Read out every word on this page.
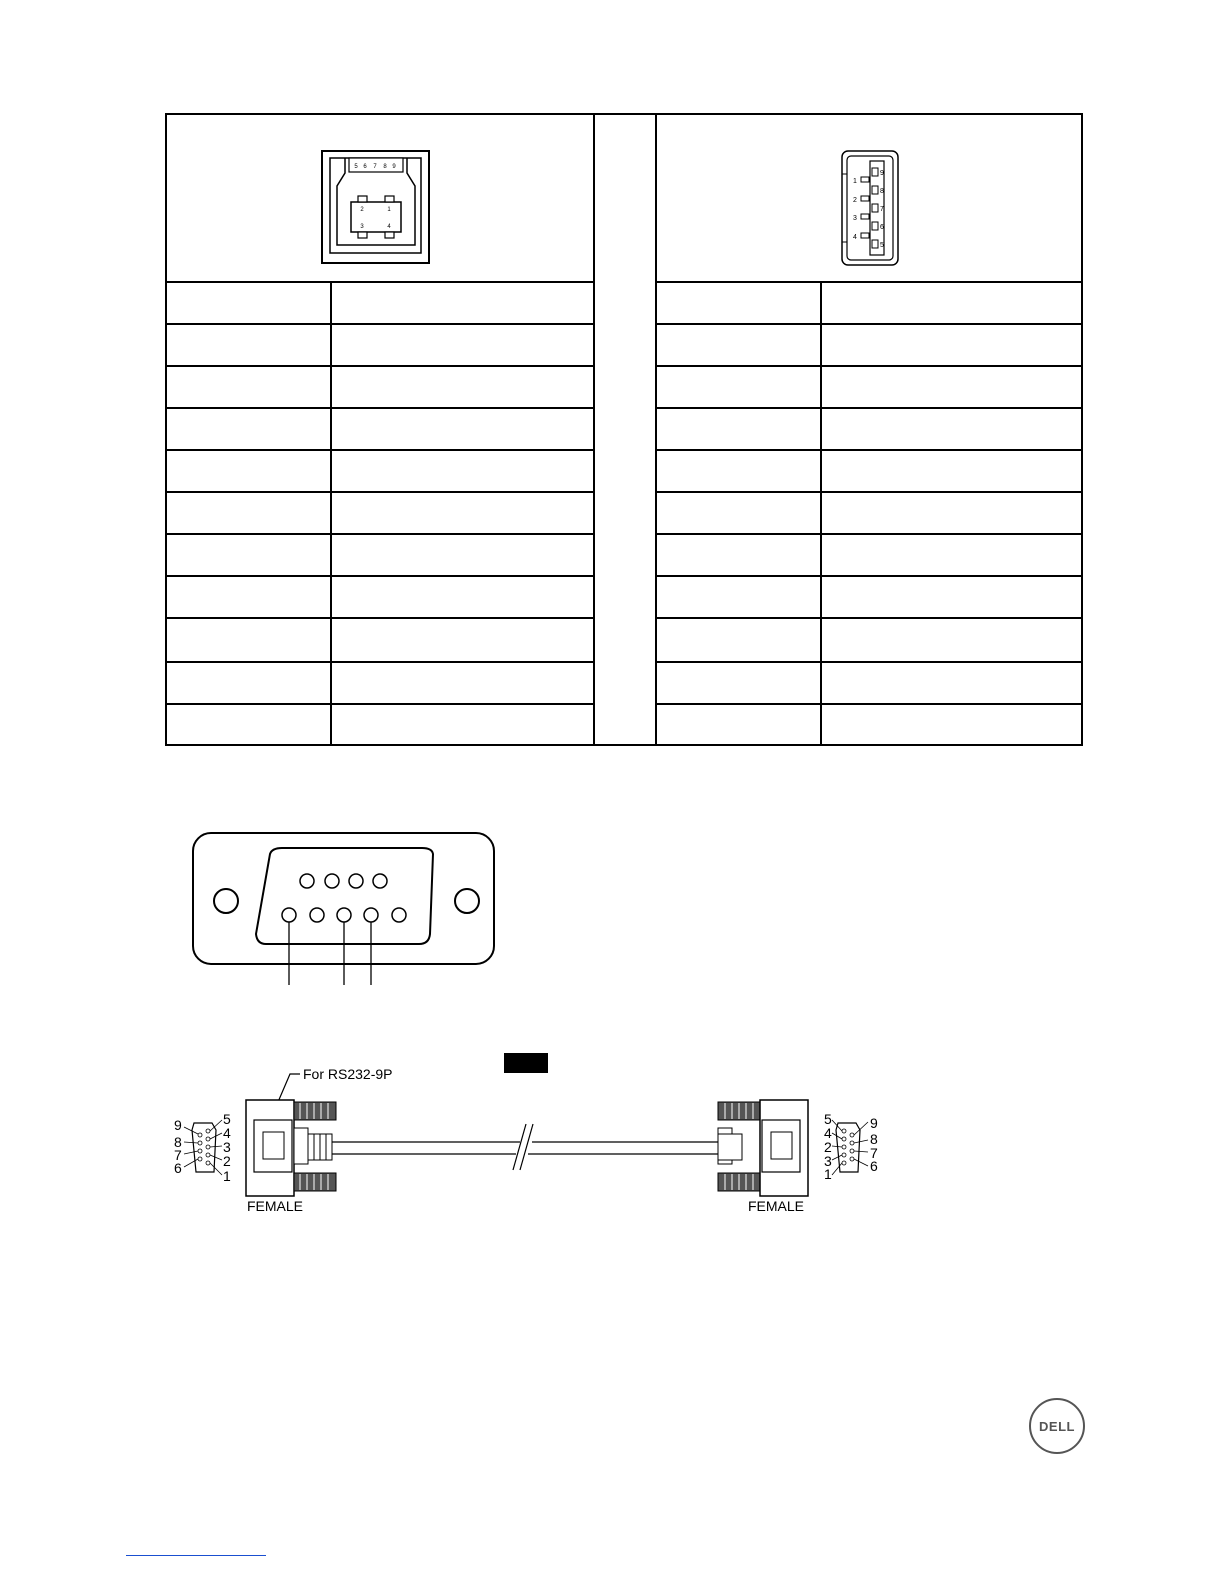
5 6 7 8 9
2	1
3	4
1
2
3
4
9
8
7
6
5
For RS232-9P
9
8
7
6
5
4
3
2
1
FEMALE
5
4
2
3
1
9
8
7
6
FEMALE
DELL
